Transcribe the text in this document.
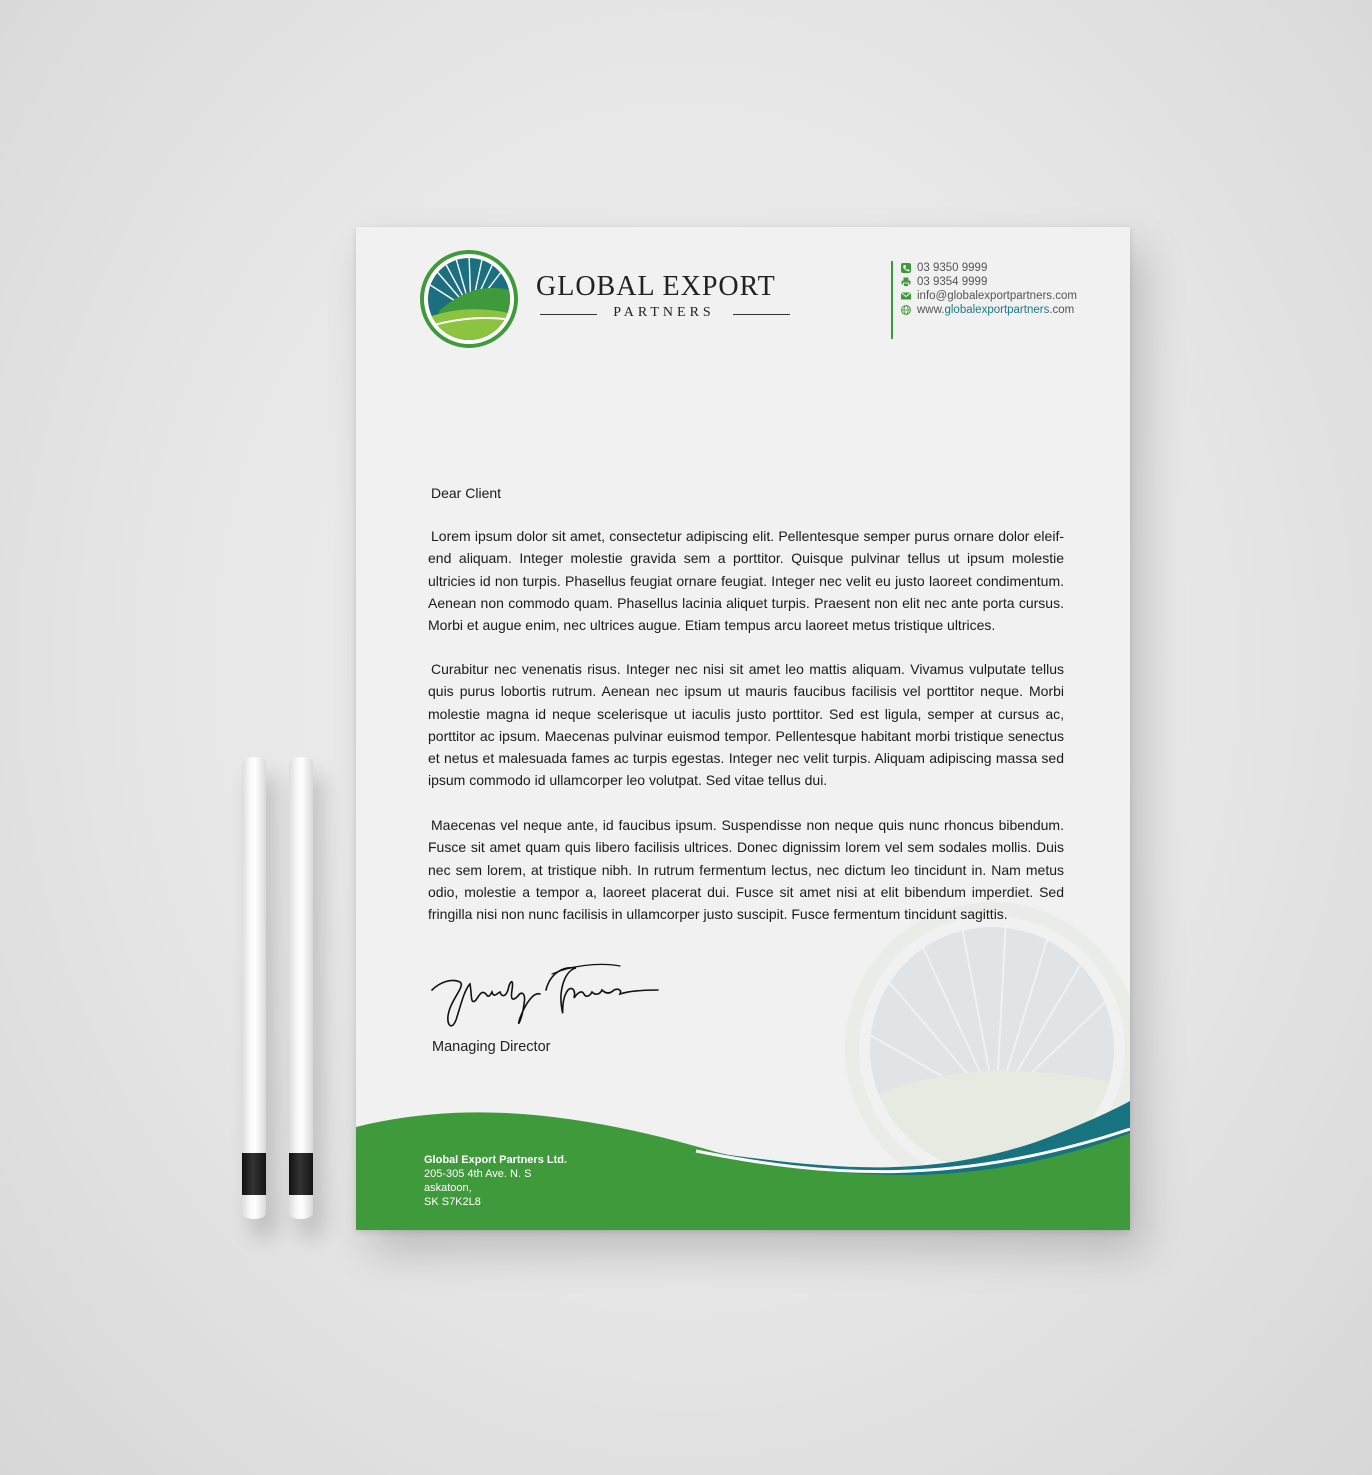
GLOBAL EXPORT
PARTNERS
03 9350 9999
03 9354 9999
info@globalexportpartners.com
www.globalexportpartners.com
Dear Client
Lorem ipsum dolor sit amet, consectetur adipiscing elit. Pellentesque semper purus ornare dolor eleifend aliquam. Integer molestie gravida sem a porttitor. Quisque pulvinar tellus ut ipsum molestie ultricies id non turpis. Phasellus feugiat ornare feugiat. Integer nec velit eu justo laoreet condimentum. Aenean non commodo quam. Phasellus lacinia aliquet turpis. Praesent non elit nec ante porta cursus. Morbi et augue enim, nec ultrices augue. Etiam tempus arcu laoreet metus tristique ultrices.
Curabitur nec venenatis risus. Integer nec nisi sit amet leo mattis aliquam. Vivamus vulputate tellus quis purus lobortis rutrum. Aenean nec ipsum ut mauris faucibus facilisis vel porttitor neque. Morbi molestie magna id neque scelerisque ut iaculis justo porttitor. Sed est ligula, semper at cursus ac, porttitor ac ipsum. Maecenas pulvinar euismod tempor. Pellentesque habitant morbi tristique senectus et netus et malesuada fames ac turpis egestas. Integer nec velit turpis. Aliquam adipiscing massa sed ipsum commodo id ullamcorper leo volutpat. Sed vitae tellus dui.
Maecenas vel neque ante, id faucibus ipsum. Suspendisse non neque quis nunc rhoncus bibendum. Fusce sit amet quam quis libero facilisis ultrices. Donec dignissim lorem vel sem sodales mollis. Duis nec sem lorem, at tristique nibh. In rutrum fermentum lectus, nec dictum leo tincidunt in. Nam metus odio, molestie a tempor a, laoreet placerat dui. Fusce sit amet nisi at elit bibendum imperdiet. Sed fringilla nisi non nunc facilisis in ullamcorper justo suscipit. Fusce fermentum tincidunt sagittis.
Managing Director
Global Export Partners Ltd.
205-305 4th Ave. N. S
askatoon,
SK S7K2L8
